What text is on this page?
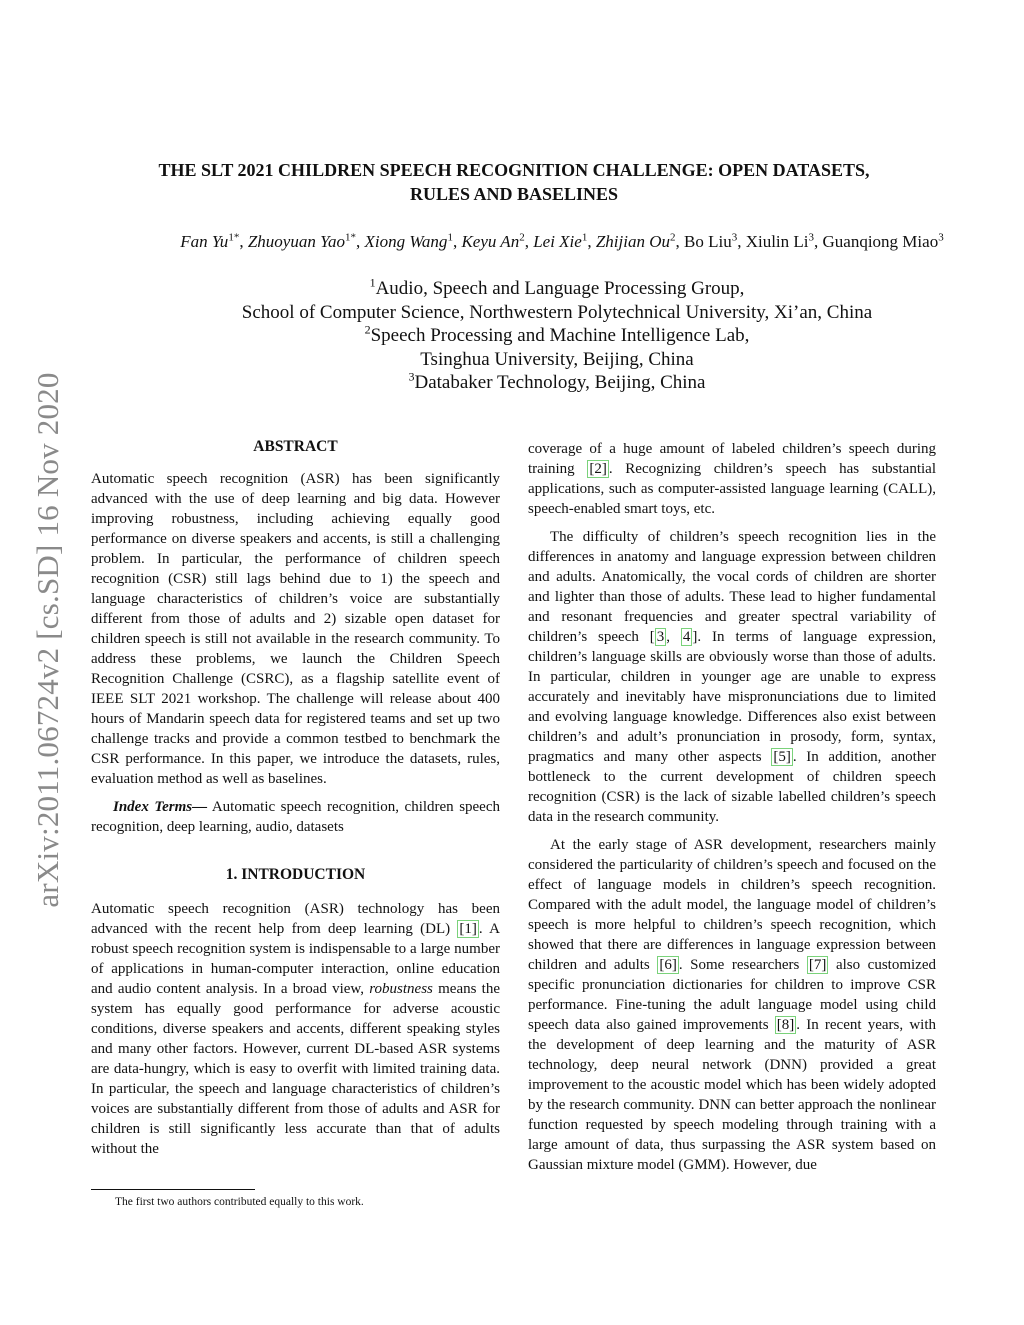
arXiv:2011.06724v2 [cs.SD] 16 Nov 2020
THE SLT 2021 CHILDREN SPEECH RECOGNITION CHALLENGE: OPEN DATASETS,
RULES AND BASELINES
Fan $Yu^{1*}$, Zhuoyuan Yao$^{1*}$, Xiong Wang$^1$, Keyu An$^2$, Lei Xie$^1$, Zhijian Ou$^2$, Bo Liu$^3$, Xiulin Li$^3$, Guanqiong Miao$^3$
$^1$Audio, Speech and Language Processing Group,
School of Computer Science, Northwestern Polytechnical University, Xi’an, China
$^2$Speech Processing and Machine Intelligence Lab,
Tsinghua University, Beijing, China
$^3$Databaker Technology, Beijing, China
ABSTRACT

Automatic speech recognition (ASR) has been significantly advanced with the use of deep learning and big data. However improving robustness, including achieving equally good performance on diverse speakers and accents, is still a challenging problem. In particular, the performance of children speech recognition (CSR) still lags behind due to 1) the speech and language characteristics of children’s voice are substantially different from those of adults and 2) sizable open dataset for children speech is still not available in the research community. To address these problems, we launch the Children Speech Recognition Challenge (CSRC), as a flagship satellite event of IEEE SLT 2021 workshop. The challenge will release about 400 hours of Mandarin speech data for registered teams and set up two challenge tracks and provide a common testbed to benchmark the CSR performance. In this paper, we introduce the datasets, rules, evaluation method as well as baselines.

Index Terms— Automatic speech recognition, children speech recognition, deep learning, audio, datasets

1. INTRODUCTION

Automatic speech recognition (ASR) technology has been advanced with the recent help from deep learning (DL) [1] . A robust speech recognition system is indispensable to a large number of applications in human-computer interaction, online education and audio content analysis. In a broad view, robustness means the system has equally good performance for adverse acoustic conditions, diverse speakers and accents, different speaking styles and many other factors. However, current DL-based ASR systems are data-hungry, which is easy to overfit with limited training data. In particular, the speech and language characteristics of children’s voices are substantially different from those of adults and ASR for children is still significantly less accurate than that of adults without the

coverage of a huge amount of labeled children’s speech during training [2] . Recognizing children’s speech has substantial applications, such as computer-assisted language learning (CALL), speech-enabled smart toys, etc.

The difficulty of children’s speech recognition lies in the differences in anatomy and language expression between children and adults. Anatomically, the vocal cords of children are shorter and lighter than those of adults. These lead to higher fundamental and resonant frequencies and greater spectral variability of children’s speech [ 3 , 4 ]. In terms of language expression, children’s language skills are obviously worse than those of adults. In particular, children in younger age are unable to express accurately and inevitably have mispronunciations due to limited and evolving language knowledge. Differences also exist between children’s and adult’s pronunciation in prosody, form, syntax, pragmatics and many other aspects [5] . In addition, another bottleneck to the current development of children speech recognition (CSR) is the lack of sizable labelled children’s speech data in the research community.

At the early stage of ASR development, researchers mainly considered the particularity of children’s speech and focused on the effect of language models in children’s speech recognition. Compared with the adult model, the language model of children’s speech is more helpful to children’s speech recognition, which showed that there are differences in language expression between children and adults [6] . Some researchers [7] also customized specific pronunciation dictionaries for children to improve CSR performance. Fine-tuning the adult language model using child speech data also gained improvements [8] . In recent years, with the development of deep learning and the maturity of ASR technology, deep neural network (DNN) provided a great improvement to the acoustic model which has been widely adopted by the research community. DNN can better approach the nonlinear function requested by speech modeling through training with a large amount of data, thus surpassing the ASR system based on Gaussian mixture model (GMM). However, due

The first two authors contributed equally to this work.
